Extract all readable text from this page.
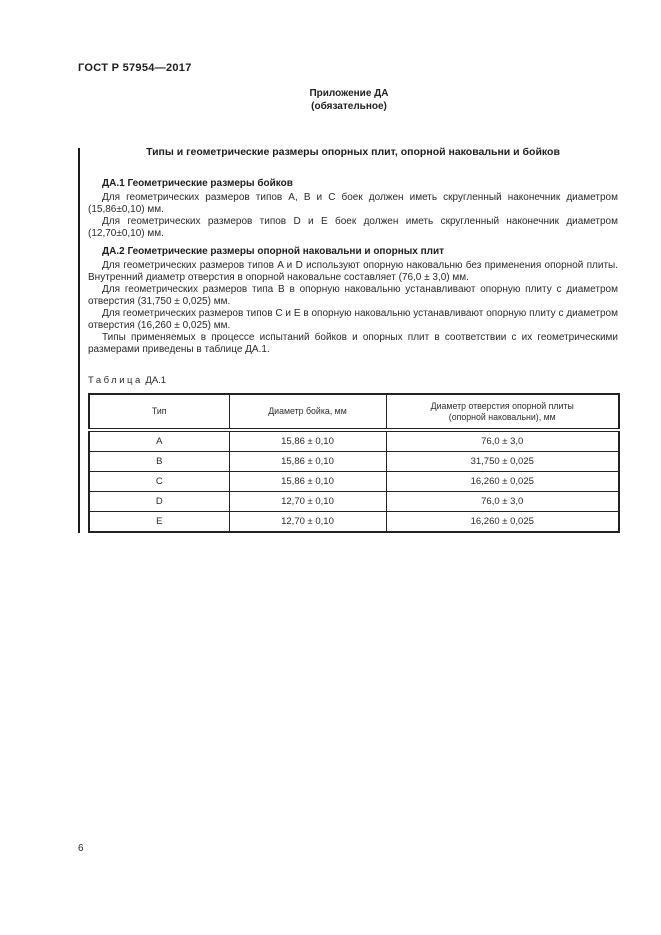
ГОСТ Р 57954—2017
Приложение ДА
(обязательное)
Типы и геометрические размеры опорных плит, опорной наковальни и бойков
ДА.1 Геометрические размеры бойков

Для геометрических размеров типов A, B и C боек должен иметь скругленный наконечник диаметром (15,86±0,10) мм.

Для геометрических размеров типов D и E боек должен иметь скругленный наконечник диаметром (12,70±0,10) мм.

ДА.2 Геометрические размеры опорной наковальни и опорных плит

Для геометрических размеров типов A и D используют опорную наковальню без применения опорной плиты. Внутренний диаметр отверстия в опорной наковальне составляет (76,0 ± 3,0) мм.

Для геометрических размеров типа B в опорную наковальню устанавливают опорную плиту с диаметром отверстия (31,750 ± 0,025) мм.

Для геометрических размеров типов C и E в опорную наковальню устанавливают опорную плиту с диаметром отверстия (16,260 ± 0,025) мм.

Типы применяемых в процессе испытаний бойков и опорных плит в соответствии с их геометрическими размерами приведены в таблице ДА.1.

Таблица ДА.1
Тип	Диаметр бойка, мм	Диаметр отверстия опорной плиты
(опорной наковальни), мм

A	15,86 ± 0,10	76,0 ± 3,0
B	15,86 ± 0,10	31,750 ± 0,025
C	15,86 ± 0,10	16,260 ± 0,025
D	12,70 ± 0,10	76,0 ± 3,0
E	12,70 ± 0,10	16,260 ± 0,025
6
